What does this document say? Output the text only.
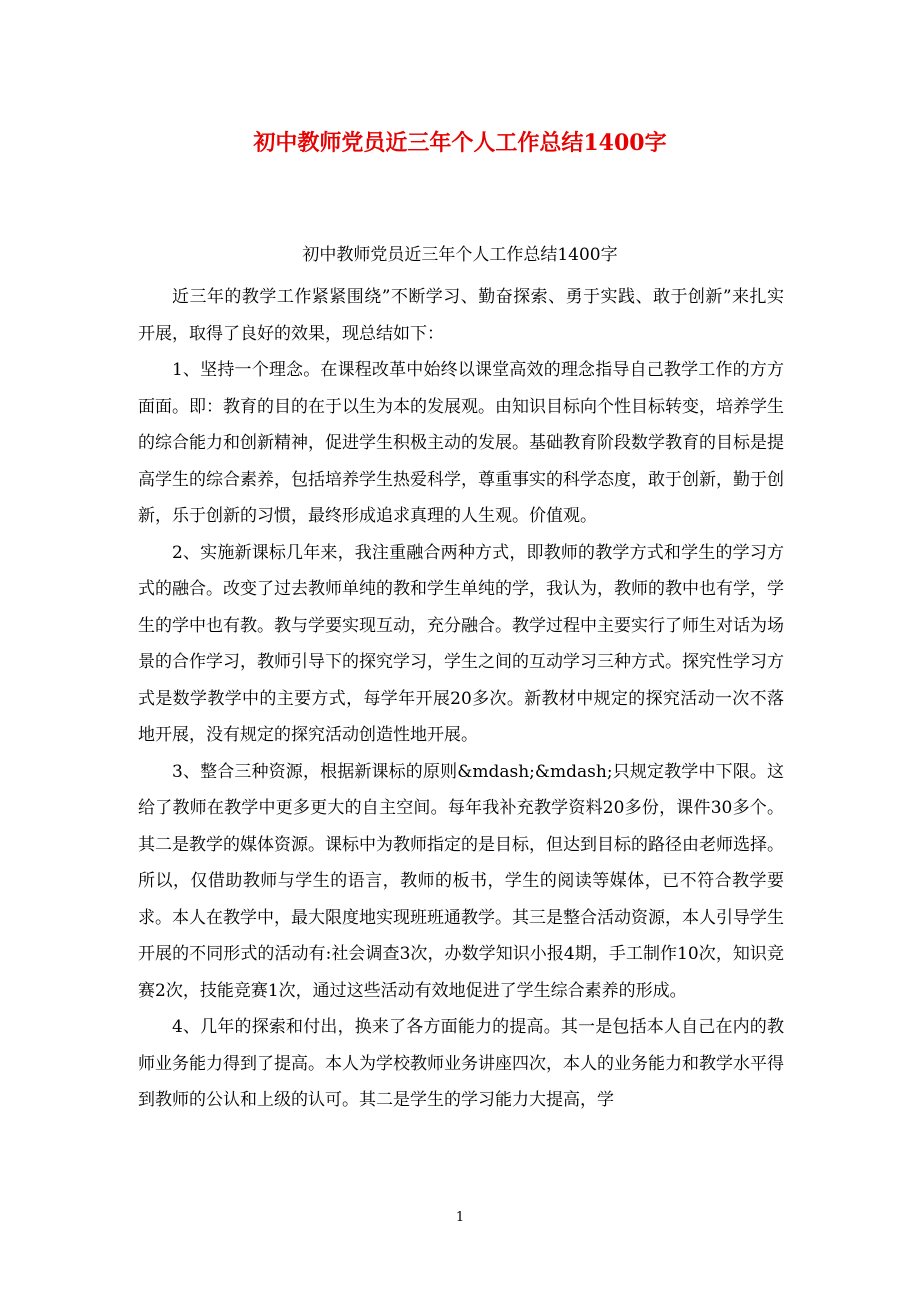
初中教师党员近三年个人工作总结1400字

初中教师党员近三年个人工作总结1400字

近三年的教学工作紧紧围绕”不断学习、勤奋探索、勇于实践、敢于创新”来扎实开展，取得了良好的效果，现总结如下：

1、坚持一个理念。在课程改革中始终以课堂高效的理念指导自己教学工作的方方面面。即：教育的目的在于以生为本的发展观。由知识目标向个性目标转变，培养学生的综合能力和创新精神，促进学生积极主动的发展。基础教育阶段数学教育的目标是提高学生的综合素养，包括培养学生热爱科学，尊重事实的科学态度，敢于创新，勤于创新，乐于创新的习惯，最终形成追求真理的人生观。价值观。

2、实施新课标几年来，我注重融合两种方式，即教师的教学方式和学生的学习方式的融合。改变了过去教师单纯的教和学生单纯的学，我认为，教师的教中也有学，学生的学中也有教。教与学要实现互动，充分融合。教学过程中主要实行了师生对话为场景的合作学习，教师引导下的探究学习，学生之间的互动学习三种方式。探究性学习方式是数学教学中的主要方式，每学年开展20多次。新教材中规定的探究活动一次不落地开展，没有规定的探究活动创造性地开展。

3、整合三种资源，根据新课标的原则&mdash;&mdash;只规定教学中下限。这给了教师在教学中更多更大的自主空间。每年我补充教学资料20多份，课件30多个。其二是教学的媒体资源。课标中为教师指定的是目标，但达到目标的路径由老师选择。所以，仅借助教师与学生的语言，教师的板书，学生的阅读等媒体，已不符合教学要求。本人在教学中，最大限度地实现班班通教学。其三是整合活动资源，本人引导学生开展的不同形式的活动有:社会调查3次，办数学知识小报4期，手工制作10次，知识竞赛2次，技能竞赛1次，通过这些活动有效地促进了学生综合素养的形成。

4、几年的探索和付出，换来了各方面能力的提高。其一是包括本人自己在内的教师业务能力得到了提高。本人为学校教师业务讲座四次，本人的业务能力和教学水平得到教师的公认和上级的认可。其二是学生的学习能力大提高，学

1
